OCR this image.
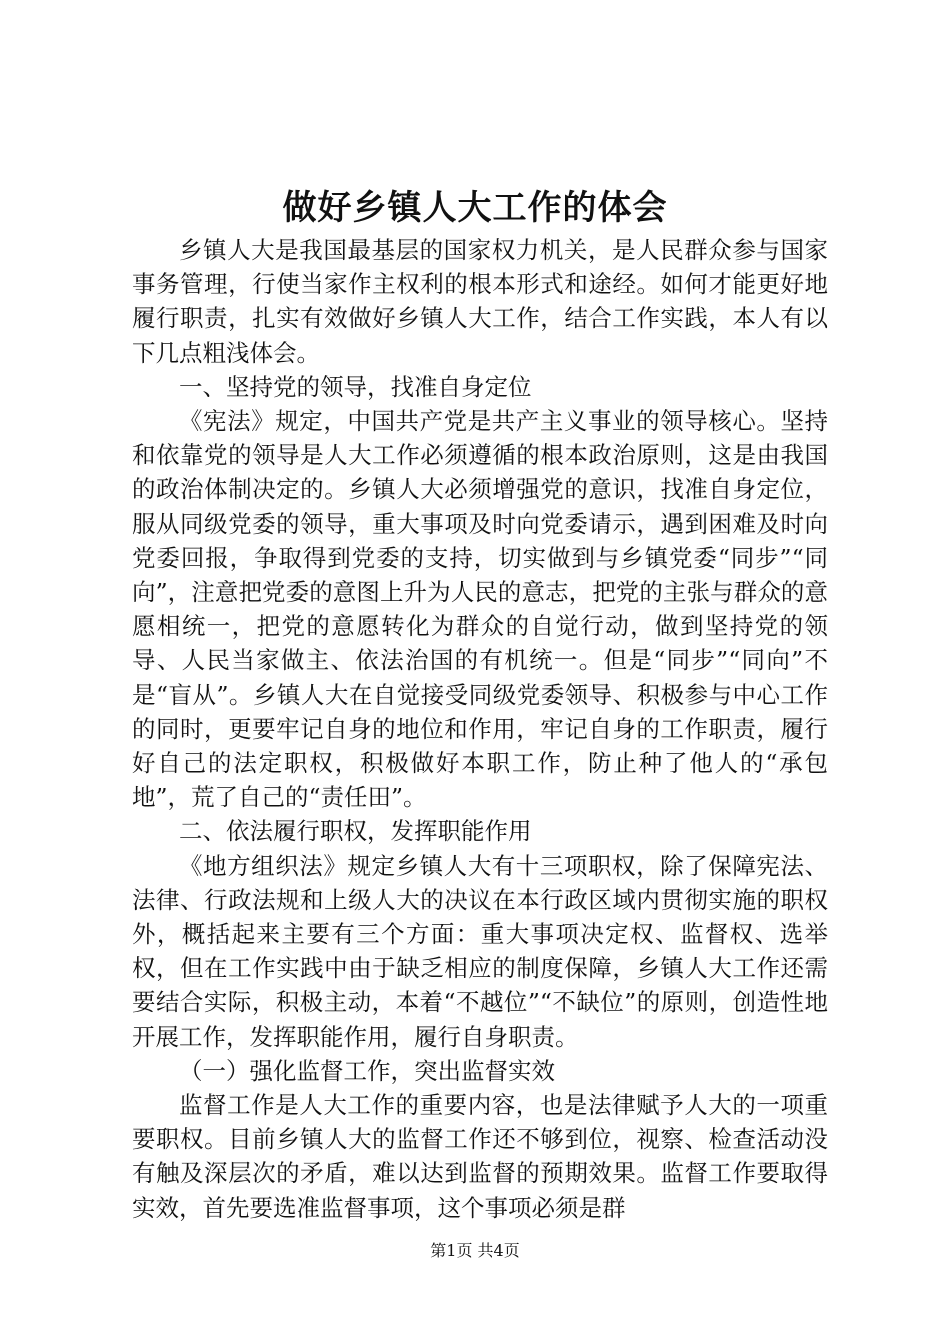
做好乡镇人大工作的体会

乡镇人大是我国最基层的国家权力机关，是人民群众参与国家事务管理，行使当家作主权利的根本形式和途经。如何才能更好地履行职责，扎实有效做好乡镇人大工作，结合工作实践，本人有以下几点粗浅体会。

一、坚持党的领导，找准自身定位

《宪法》规定，中国共产党是共产主义事业的领导核心。坚持和依靠党的领导是人大工作必须遵循的根本政治原则，这是由我国的政治体制决定的。乡镇人大必须增强党的意识，找准自身定位，服从同级党委的领导，重大事项及时向党委请示，遇到困难及时向党委回报，争取得到党委的支持，切实做到与乡镇党委“同步”“同向”，注意把党委的意图上升为人民的意志，把党的主张与群众的意愿相统一，把党的意愿转化为群众的自觉行动，做到坚持党的领导、人民当家做主、依法治国的有机统一。但是“同步”“同向”不是“盲从”。乡镇人大在自觉接受同级党委领导、积极参与中心工作的同时，更要牢记自身的地位和作用，牢记自身的工作职责，履行好自己的法定职权，积极做好本职工作，防止种了他人的“承包地”，荒了自己的“责任田”。

二、依法履行职权，发挥职能作用

《地方组织法》规定乡镇人大有十三项职权，除了保障宪法、法律、行政法规和上级人大的决议在本行政区域内贯彻实施的职权外，概括起来主要有三个方面：重大事项决定权、监督权、选举权，但在工作实践中由于缺乏相应的制度保障，乡镇人大工作还需要结合实际，积极主动，本着“不越位”“不缺位”的原则，创造性地开展工作，发挥职能作用，履行自身职责。

（一）强化监督工作，突出监督实效

监督工作是人大工作的重要内容，也是法律赋予人大的一项重要职权。目前乡镇人大的监督工作还不够到位，视察、检查活动没有触及深层次的矛盾，难以达到监督的预期效果。监督工作要取得实效，首先要选准监督事项，这个事项必须是群

第1页 共4页
